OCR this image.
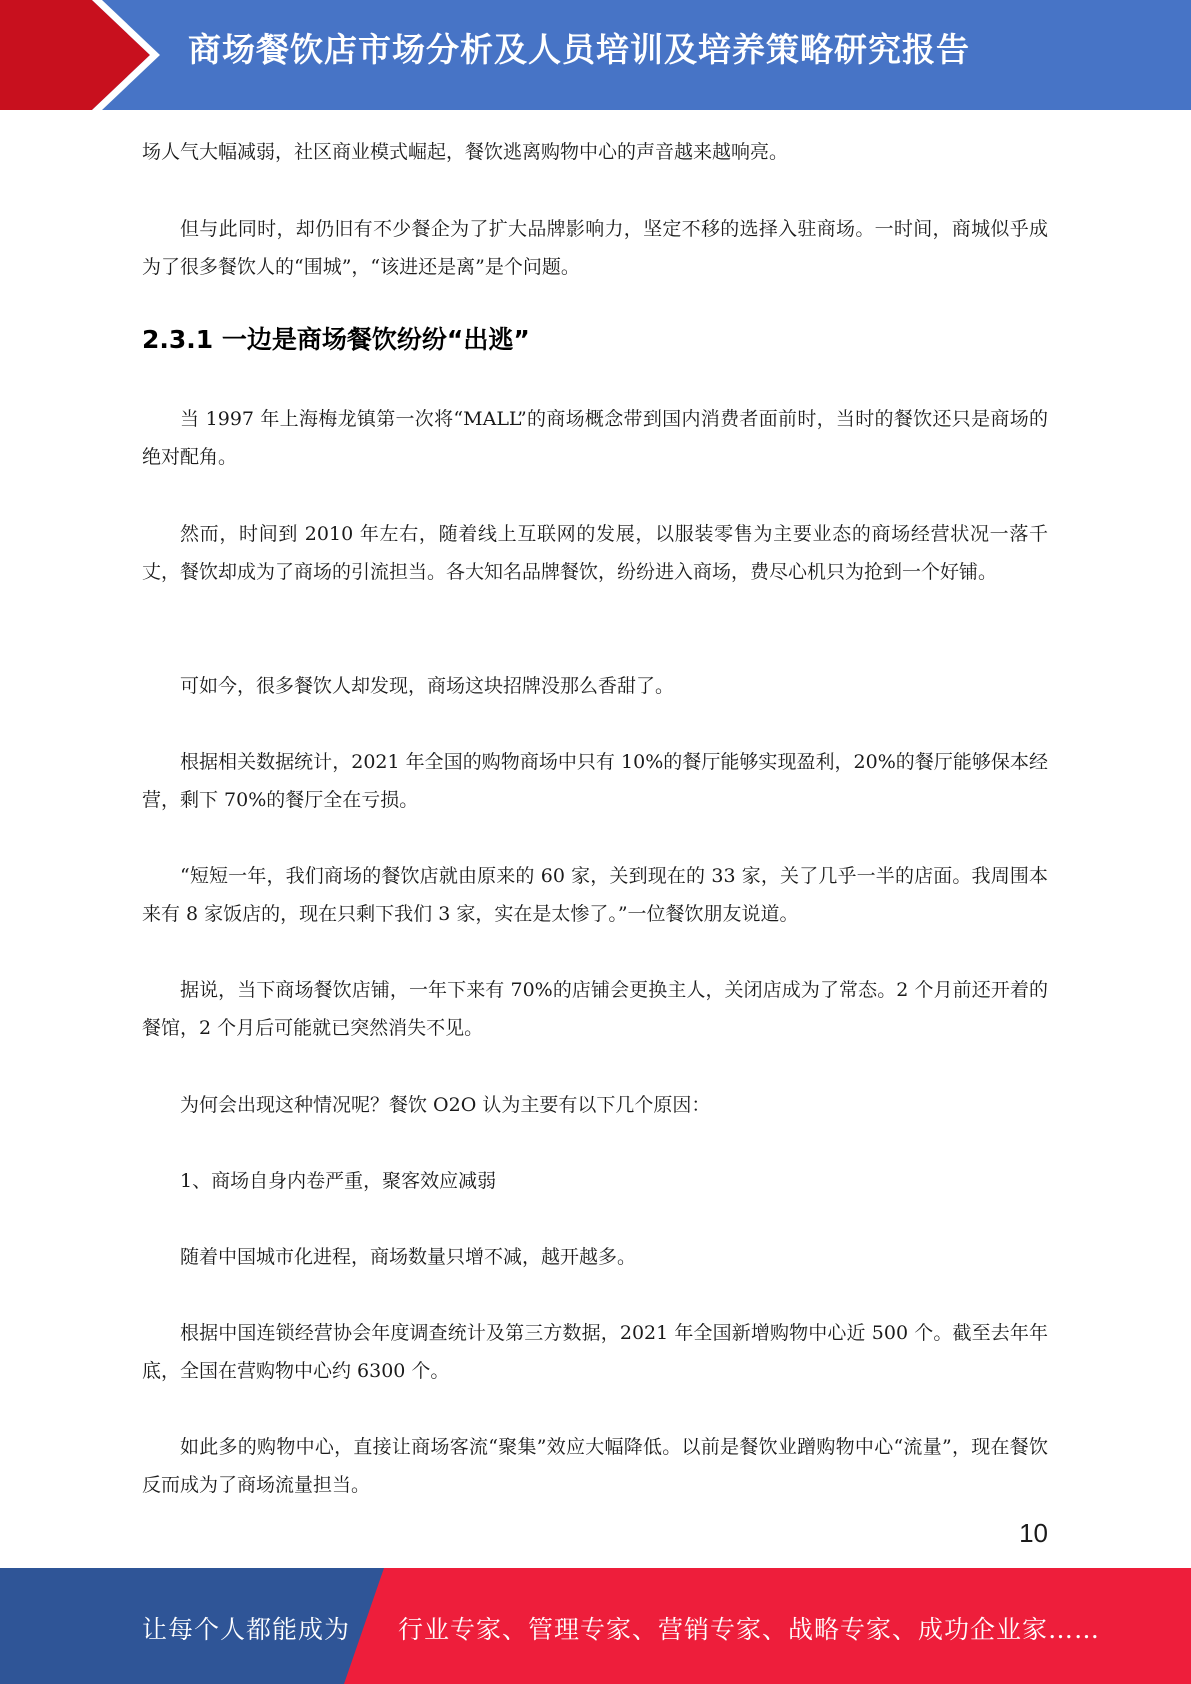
商场餐饮店市场分析及人员培训及培养策略研究报告

场人气大幅减弱，社区商业模式崛起，餐饮逃离购物中心的声音越来越响亮。

但与此同时，却仍旧有不少餐企为了扩大品牌影响力，坚定不移的选择入驻商场。一时间，商城似乎成为了很多餐饮人的“围城”，“该进还是离”是个问题。

2.3.1 一边是商场餐饮纷纷“出逃”

当 1997 年上海梅龙镇第一次将“MALL”的商场概念带到国内消费者面前时，当时的餐饮还只是商场的绝对配角。

然而，时间到 2010 年左右，随着线上互联网的发展，以服装零售为主要业态的商场经营状况一落千丈，餐饮却成为了商场的引流担当。各大知名品牌餐饮，纷纷进入商场，费尽心机只为抢到一个好铺。

可如今，很多餐饮人却发现，商场这块招牌没那么香甜了。

根据相关数据统计，2021 年全国的购物商场中只有 10%的餐厅能够实现盈利，20%的餐厅能够保本经营，剩下 70%的餐厅全在亏损。

“短短一年，我们商场的餐饮店就由原来的 60 家，关到现在的 33 家，关了几乎一半的店面。我周围本来有 8 家饭店的，现在只剩下我们 3 家，实在是太惨了。”一位餐饮朋友说道。

据说，当下商场餐饮店铺，一年下来有 70%的店铺会更换主人，关闭店成为了常态。2 个月前还开着的餐馆，2 个月后可能就已突然消失不见。

为何会出现这种情况呢？餐饮 O2O 认为主要有以下几个原因：

1、商场自身内卷严重，聚客效应减弱

随着中国城市化进程，商场数量只增不减，越开越多。

根据中国连锁经营协会年度调查统计及第三方数据，2021 年全国新增购物中心近 500 个。截至去年年底，全国在营购物中心约 6300 个。

如此多的购物中心，直接让商场客流“聚集”效应大幅降低。以前是餐饮业蹭购物中心“流量”，现在餐饮反而成为了商场流量担当。

10
让每个人都能成为 行业专家、管理专家、营销专家、战略专家、成功企业家……
